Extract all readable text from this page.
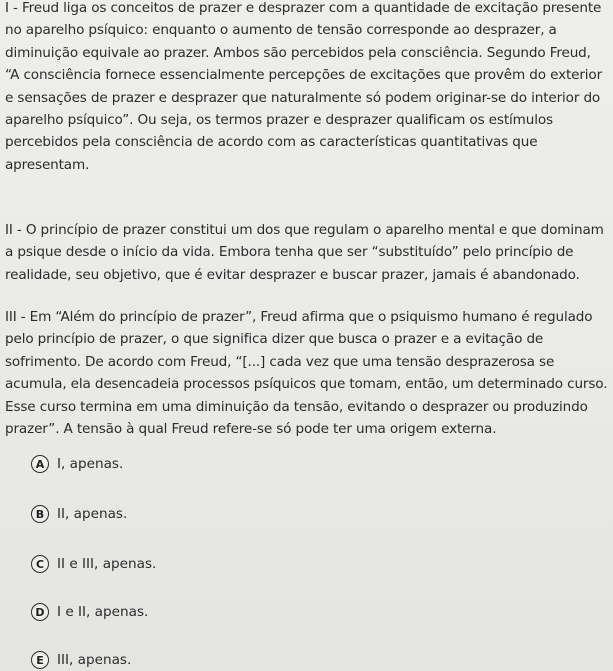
I - Freud liga os conceitos de prazer e desprazer com a quantidade de excitação presente no aparelho psíquico: enquanto o aumento de tensão corresponde ao desprazer, a diminuição equivale ao prazer. Ambos são percebidos pela consciência. Segundo Freud, “A consciência fornece essencialmente percepções de excitações que provêm do exterior e sensações de prazer e desprazer que naturalmente só podem originar-se do interior do aparelho psíquico”. Ou seja, os termos prazer e desprazer qualificam os estímulos percebidos pela consciência de acordo com as características quantitativas que apresentam.

II - O princípio de prazer constitui um dos que regulam o aparelho mental e que dominam a psique desde o início da vida. Embora tenha que ser “substituído” pelo princípio de realidade, seu objetivo, que é evitar desprazer e buscar prazer, jamais é abandonado.

III - Em “Além do princípio de prazer”, Freud afirma que o psiquismo humano é regulado pelo princípio de prazer, o que significa dizer que busca o prazer e a evitação de sofrimento. De acordo com Freud, “[...] cada vez que uma tensão desprazerosa se acumula, ela desencadeia processos psíquicos que tomam, então, um determinado curso. Esse curso termina em uma diminuição da tensão, evitando o desprazer ou produzindo prazer”. A tensão à qual Freud refere-se só pode ter uma origem externa.

A I, apenas.
B II, apenas.
C II e III, apenas.
D I e II, apenas.
E III, apenas.
